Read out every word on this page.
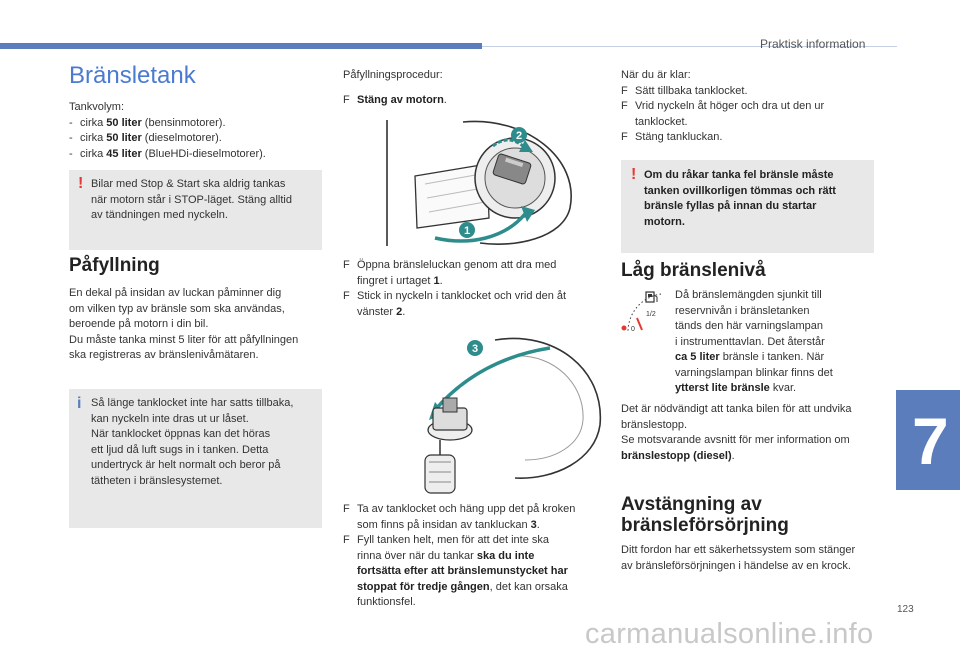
Praktisk information
Bränsletank

Tankvolym:

- cirka 50 liter (bensinmotorer).
- cirka 50 liter (dieselmotorer).
- cirka 45 liter (BlueHDi-dieselmotorer).
! Bilar med Stop & Start ska aldrig tankas
när motorn står i STOP-läget. Stäng alltid
av tändningen med nyckeln.
Påfyllning
En dekal på insidan av luckan påminner dig
om vilken typ av bränsle som ska användas,
beroende på motorn i din bil.
Du måste tanka minst 5 liter för att påfyllningen
ska registreras av bränslenivåmätaren.
i Så länge tanklocket inte har satts tillbaka,
kan nyckeln inte dras ut ur låset.
När tanklocket öppnas kan det höras
ett ljud då luft sugs in i tanken. Detta
undertryck är helt normalt och beror på
tätheten i bränslesystemet.
Påfyllningsprocedur:
F Stäng av motorn.
2
1
F Öppna bränsleluckan genom att dra med
fingret i urtaget 1.
F Stick in nyckeln i tanklocket och vrid den åt
vänster 2.
3
F Ta av tanklocket och häng upp det på kroken
som finns på insidan av tankluckan 3.
F Fyll tanken helt, men för att det inte ska
rinna över när du tankar ska du inte
fortsätta efter att bränslemunstycket har
stoppat för tredje gången, det kan orsaka
funktionsfel.
När du är klar:
F Sätt tillbaka tanklocket.
F Vrid nyckeln åt höger och dra ut den ur
tanklocket.
F Stäng tankluckan.
! Om du råkar tanka fel bränsle måste
tanken ovillkorligen tömmas och rätt
bränsle fyllas på innan du startar
motorn.
Låg bränslenivå
1/2
0
Då bränslemängden sjunkit till
reservnivån i bränsletanken
tänds den här varningslampan
i instrumenttavlan. Det återstår
ca 5 liter bränsle i tanken. När
varningslampan blinkar finns det
ytterst lite bränsle kvar.
Det är nödvändigt att tanka bilen för att undvika
bränslestopp.
Se motsvarande avsnitt för mer information om
bränslestopp (diesel).
Avstängning av
bränsleförsörjning
Ditt fordon har ett säkerhetssystem som stänger
av bränsleförsörjningen i händelse av en krock.
7
123
carmanualsonline.info
